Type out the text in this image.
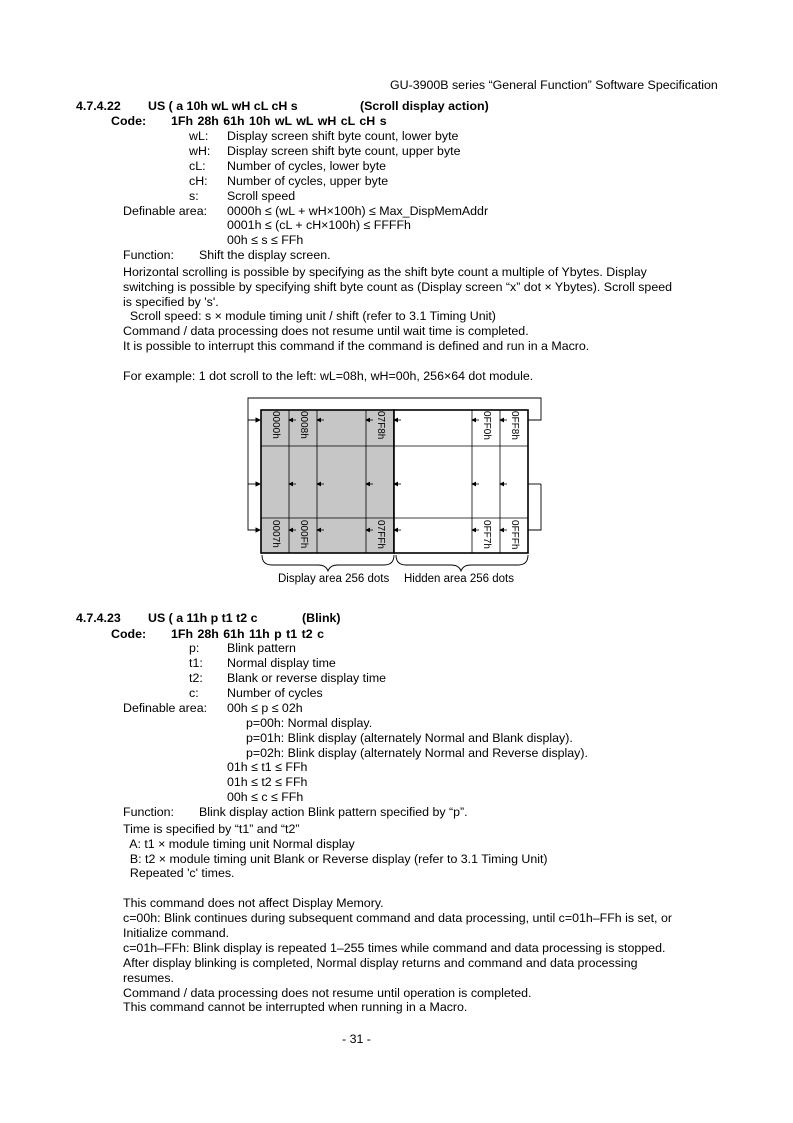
GU-3900B series “General Function” Software Specification
4.7.4.22 US ( a 10h wL wH cL cH s	(Scroll display action)
Code: 1Fh 28h 61h 10h wL wL wH cL cH s
wL: Display screen shift byte count, lower byte
wH: Display screen shift byte count, upper byte
cL: Number of cycles, lower byte
cH: Number of cycles, upper byte
s: Scroll speed
Definable area: 0000h ≤ (wL + wH×100h) ≤ Max_DispMemAddr
0001h ≤ (cL + cH×100h) ≤ FFFFh
00h ≤ s ≤ FFh
Function: Shift the display screen.
Horizontal scrolling is possible by specifying as the shift byte count a multiple of Ybytes. Display
switching is possible by specifying shift byte count as (Display screen “x” dot × Ybytes). Scroll speed
is specified by 's'.
Scroll speed: s × module timing unit / shift (refer to 3.1 Timing Unit)
Command / data processing does not resume until wait time is completed.
It is possible to interrupt this command if the command is defined and run in a Macro.
For example: 1 dot scroll to the left: wL=08h, wH=00h, 256×64 dot module.
0000h 0008h	07F8h	0FF0h 0FF8h
0007h 000Fh	07FFh	0FF7h 0FFFh
Display area 256 dots Hidden area 256 dots
4.7.4.23 US ( a 11h p t1 t2 c	(Blink)
Code: 1Fh 28h 61h 11h p t1 t2 c
p: Blink pattern
t1: Normal display time
t2: Blank or reverse display time
c: Number of cycles
Definable area: 00h ≤ p ≤ 02h
p=00h: Normal display.
p=01h: Blink display (alternately Normal and Blank display).
p=02h: Blink display (alternately Normal and Reverse display).
01h ≤ t1 ≤ FFh
01h ≤ t2 ≤ FFh
00h ≤ c ≤ FFh
Function: Blink display action Blink pattern specified by “p”.
Time is specified by “t1” and “t2”
A: t1 × module timing unit Normal display
B: t2 × module timing unit Blank or Reverse display (refer to 3.1 Timing Unit)
Repeated 'c' times.
This command does not affect Display Memory.
c=00h: Blink continues during subsequent command and data processing, until c=01h–FFh is set, or
Initialize command.
c=01h–FFh: Blink display is repeated 1–255 times while command and data processing is stopped.
After display blinking is completed, Normal display returns and command and data processing
resumes.
Command / data processing does not resume until operation is completed.
This command cannot be interrupted when running in a Macro.
- 31 -
